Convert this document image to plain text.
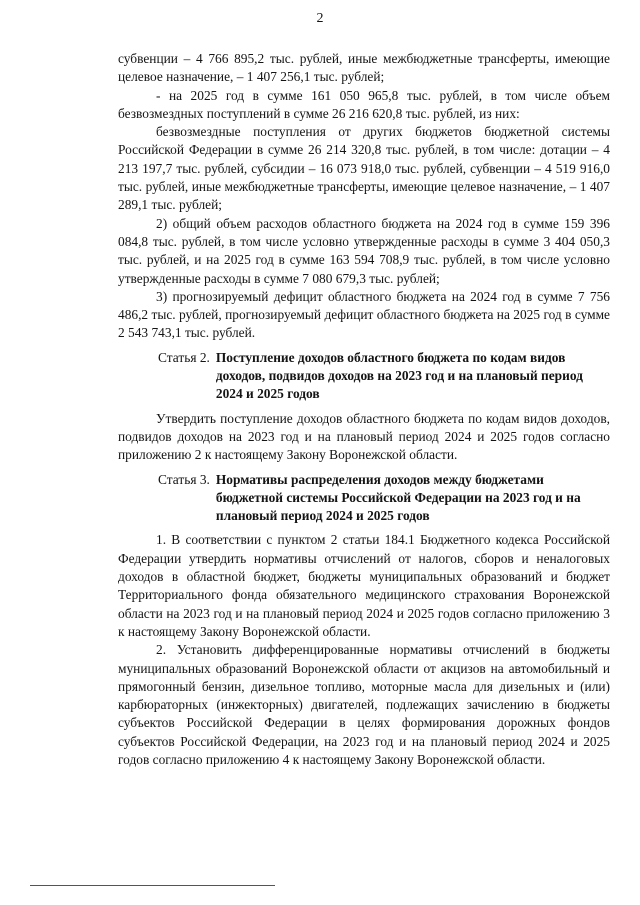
2

субвенции – 4 766 895,2 тыс. рублей, иные межбюджетные трансферты, имеющие целевое назначение, – 1 407 256,1 тыс. рублей;

- на 2025 год в сумме 161 050 965,8 тыс. рублей, в том числе объем безвозмездных поступлений в сумме 26 216 620,8 тыс. рублей, из них:

безвозмездные поступления от других бюджетов бюджетной системы Российской Федерации в сумме 26 214 320,8 тыс. рублей, в том числе: дотации – 4 213 197,7 тыс. рублей, субсидии – 16 073 918,0 тыс. рублей, субвенции – 4 519 916,0 тыс. рублей, иные межбюджетные трансферты, имеющие целевое назначение, – 1 407 289,1 тыс. рублей;

2) общий объем расходов областного бюджета на 2024 год в сумме 159 396 084,8 тыс. рублей, в том числе условно утвержденные расходы в сумме 3 404 050,3 тыс. рублей, и на 2025 год в сумме 163 594 708,9 тыс. рублей, в том числе условно утвержденные расходы в сумме 7 080 679,3 тыс. рублей;

3) прогнозируемый дефицит областного бюджета на 2024 год в сумме 7 756 486,2 тыс. рублей, прогнозируемый дефицит областного бюджета на 2025 год в сумме 2 543 743,1 тыс. рублей.

Статья 2. Поступление доходов областного бюджета по кодам видов доходов, подвидов доходов на 2023 год и на плановый период 2024 и 2025 годов

Утвердить поступление доходов областного бюджета по кодам видов доходов, подвидов доходов на 2023 год и на плановый период 2024 и 2025 годов согласно приложению 2 к настоящему Закону Воронежской области.

Статья 3. Нормативы распределения доходов между бюджетами бюджетной системы Российской Федерации на 2023 год и на плановый период 2024 и 2025 годов

1. В соответствии с пунктом 2 статьи 184.1 Бюджетного кодекса Российской Федерации утвердить нормативы отчислений от налогов, сборов и неналоговых доходов в областной бюджет, бюджеты муниципальных образований и бюджет Территориального фонда обязательного медицинского страхования Воронежской области на 2023 год и на плановый период 2024 и 2025 годов согласно приложению 3 к настоящему Закону Воронежской области.

2. Установить дифференцированные нормативы отчислений в бюджеты муниципальных образований Воронежской области от акцизов на автомобильный и прямогонный бензин, дизельное топливо, моторные масла для дизельных и (или) карбюраторных (инжекторных) двигателей, подлежащих зачислению в бюджеты субъектов Российской Федерации в целях формирования дорожных фондов субъектов Российской Федерации, на 2023 год и на плановый период 2024 и 2025 годов согласно приложению 4 к настоящему Закону Воронежской области.
